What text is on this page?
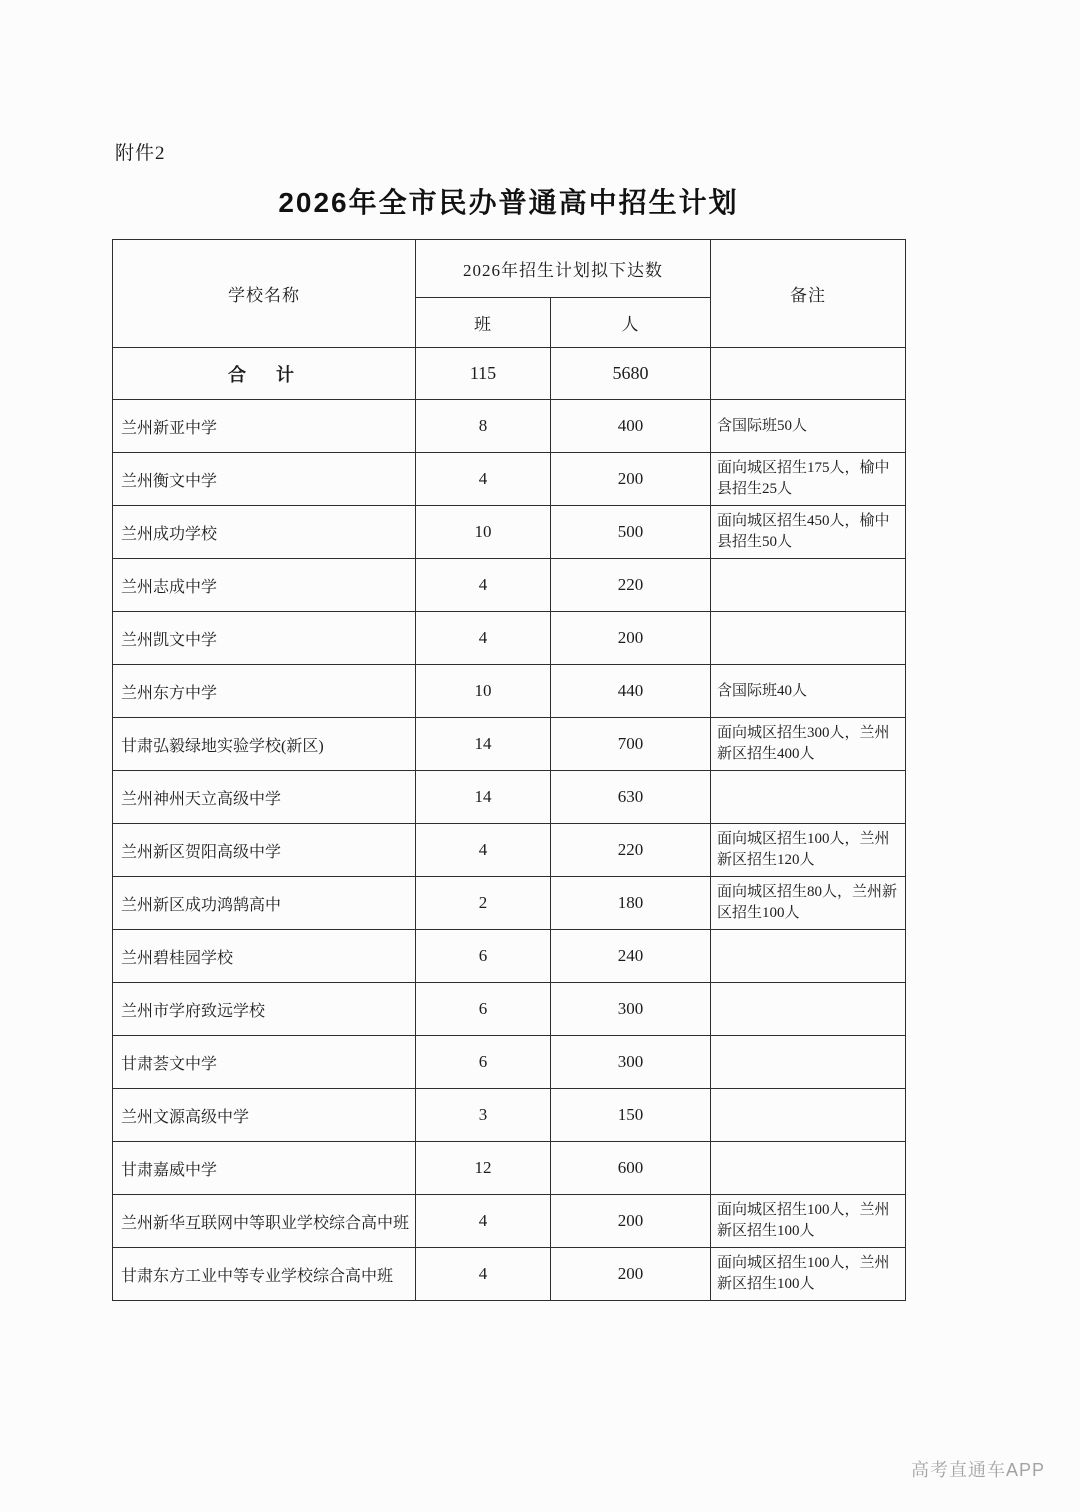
附件2
2026年全市民办普通高中招生计划
学校名称	2026年招生计划拟下达数		备注
	班	人	
合　计	115	5680	
兰州新亚中学	8	400	含国际班50人
兰州衡文中学	4	200	面向城区招生175人，榆中县招生25人
兰州成功学校	10	500	面向城区招生450人，榆中县招生50人
兰州志成中学	4	220	
兰州凯文中学	4	200	
兰州东方中学	10	440	含国际班40人
甘肃弘毅绿地实验学校(新区)	14	700	面向城区招生300人，兰州新区招生400人
兰州神州天立高级中学	14	630	
兰州新区贺阳高级中学	4	220	面向城区招生100人，兰州新区招生120人
兰州新区成功鸿鹄高中	2	180	面向城区招生80人，兰州新区招生100人
兰州碧桂园学校	6	240	
兰州市学府致远学校	6	300	
甘肃荟文中学	6	300	
兰州文源高级中学	3	150	
甘肃嘉威中学	12	600	
兰州新华互联网中等职业学校综合高中班	4	200	面向城区招生100人，兰州新区招生100人
甘肃东方工业中等专业学校综合高中班	4	200	面向城区招生100人，兰州新区招生100人
高考直通车APP
